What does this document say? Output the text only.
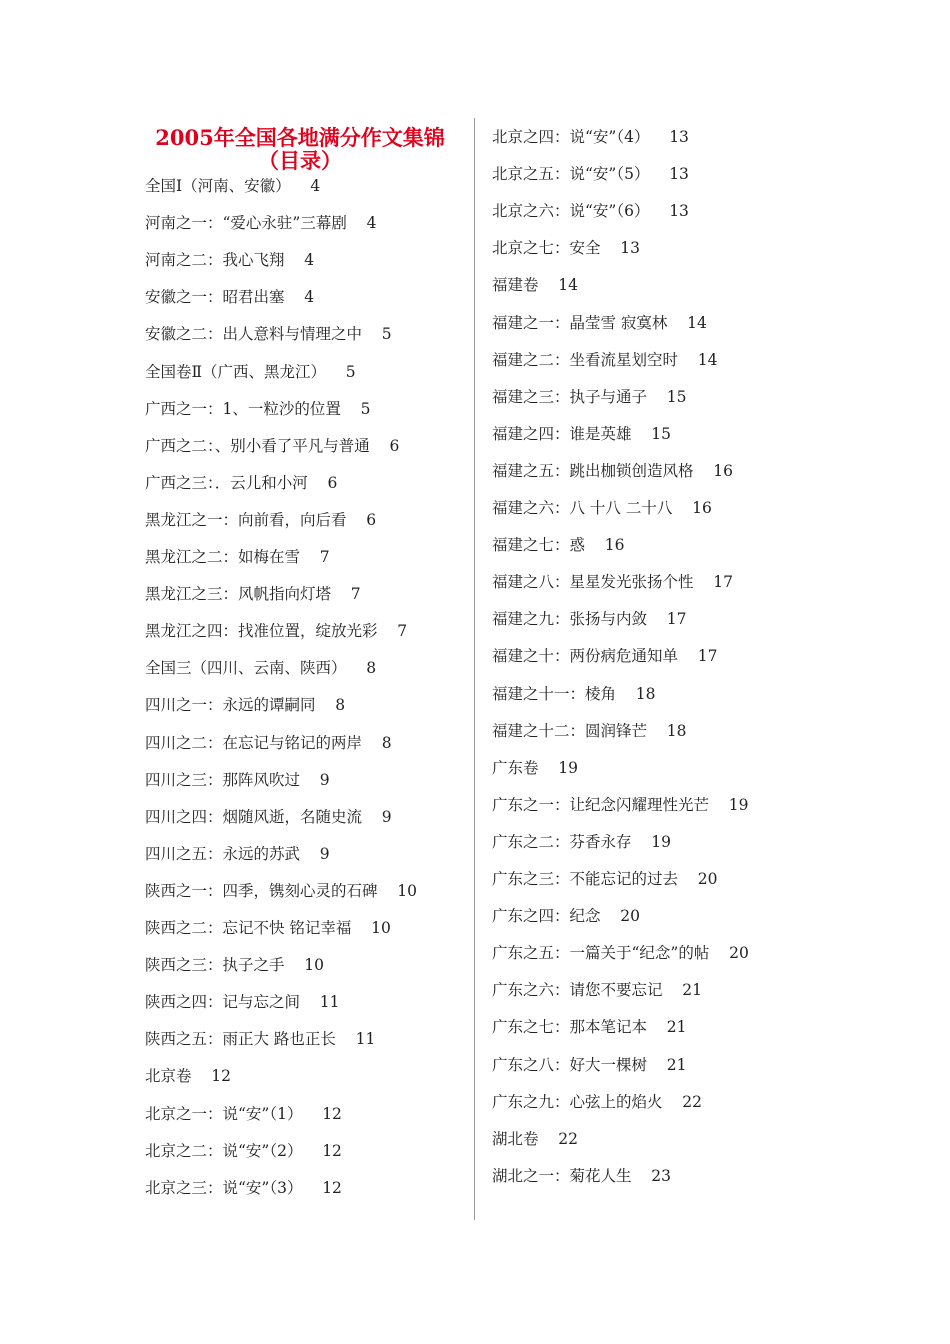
2005年全国各地满分作文集锦
（目录）
全国Ⅰ（河南、安徽） 4
河南之一：“爱心永驻”三幕剧 4
河南之二：我心飞翔 4
安徽之一：昭君出塞 4
安徽之二：出人意料与情理之中 5
全国卷Ⅱ（广西、黑龙江） 5
广西之一：1、一粒沙的位置 5
广西之二：、别小看了平凡与普通 6
广西之三：．云儿和小河 6
黑龙江之一：向前看，向后看 6
黑龙江之二：如梅在雪 7
黑龙江之三：风帆指向灯塔 7
黑龙江之四：找准位置，绽放光彩 7
全国三（四川、云南、陕西） 8
四川之一：永远的谭嗣同 8
四川之二：在忘记与铭记的两岸 8
四川之三：那阵风吹过 9
四川之四：烟随风逝，名随史流 9
四川之五：永远的苏武 9
陕西之一：四季，镌刻心灵的石碑 10
陕西之二：忘记不快 铭记幸福 10
陕西之三：执子之手 10
陕西之四：记与忘之间 11
陕西之五：雨正大 路也正长 11
北京卷 12
北京之一：说“安”（1） 12
北京之二：说“安”（2） 12
北京之三：说“安”（3） 12
北京之四：说“安”（4） 13
北京之五：说“安”（5） 13
北京之六：说“安”（6） 13
北京之七：安全 13
福建卷 14
福建之一：晶莹雪 寂寞林 14
福建之二：坐看流星划空时 14
福建之三：执子与通子 15
福建之四：谁是英雄 15
福建之五：跳出枷锁创造风格 16
福建之六：八 十八 二十八 16
福建之七：惑 16
福建之八：星星发光张扬个性 17
福建之九：张扬与内敛 17
福建之十：两份病危通知单 17
福建之十一：棱角 18
福建之十二：圆润锋芒 18
广东卷 19
广东之一：让纪念闪耀理性光芒 19
广东之二：芬香永存 19
广东之三：不能忘记的过去 20
广东之四：纪念 20
广东之五：一篇关于“纪念”的帖 20
广东之六：请您不要忘记 21
广东之七：那本笔记本 21
广东之八：好大一棵树 21
广东之九：心弦上的焰火 22
湖北卷 22
湖北之一：菊花人生 23
